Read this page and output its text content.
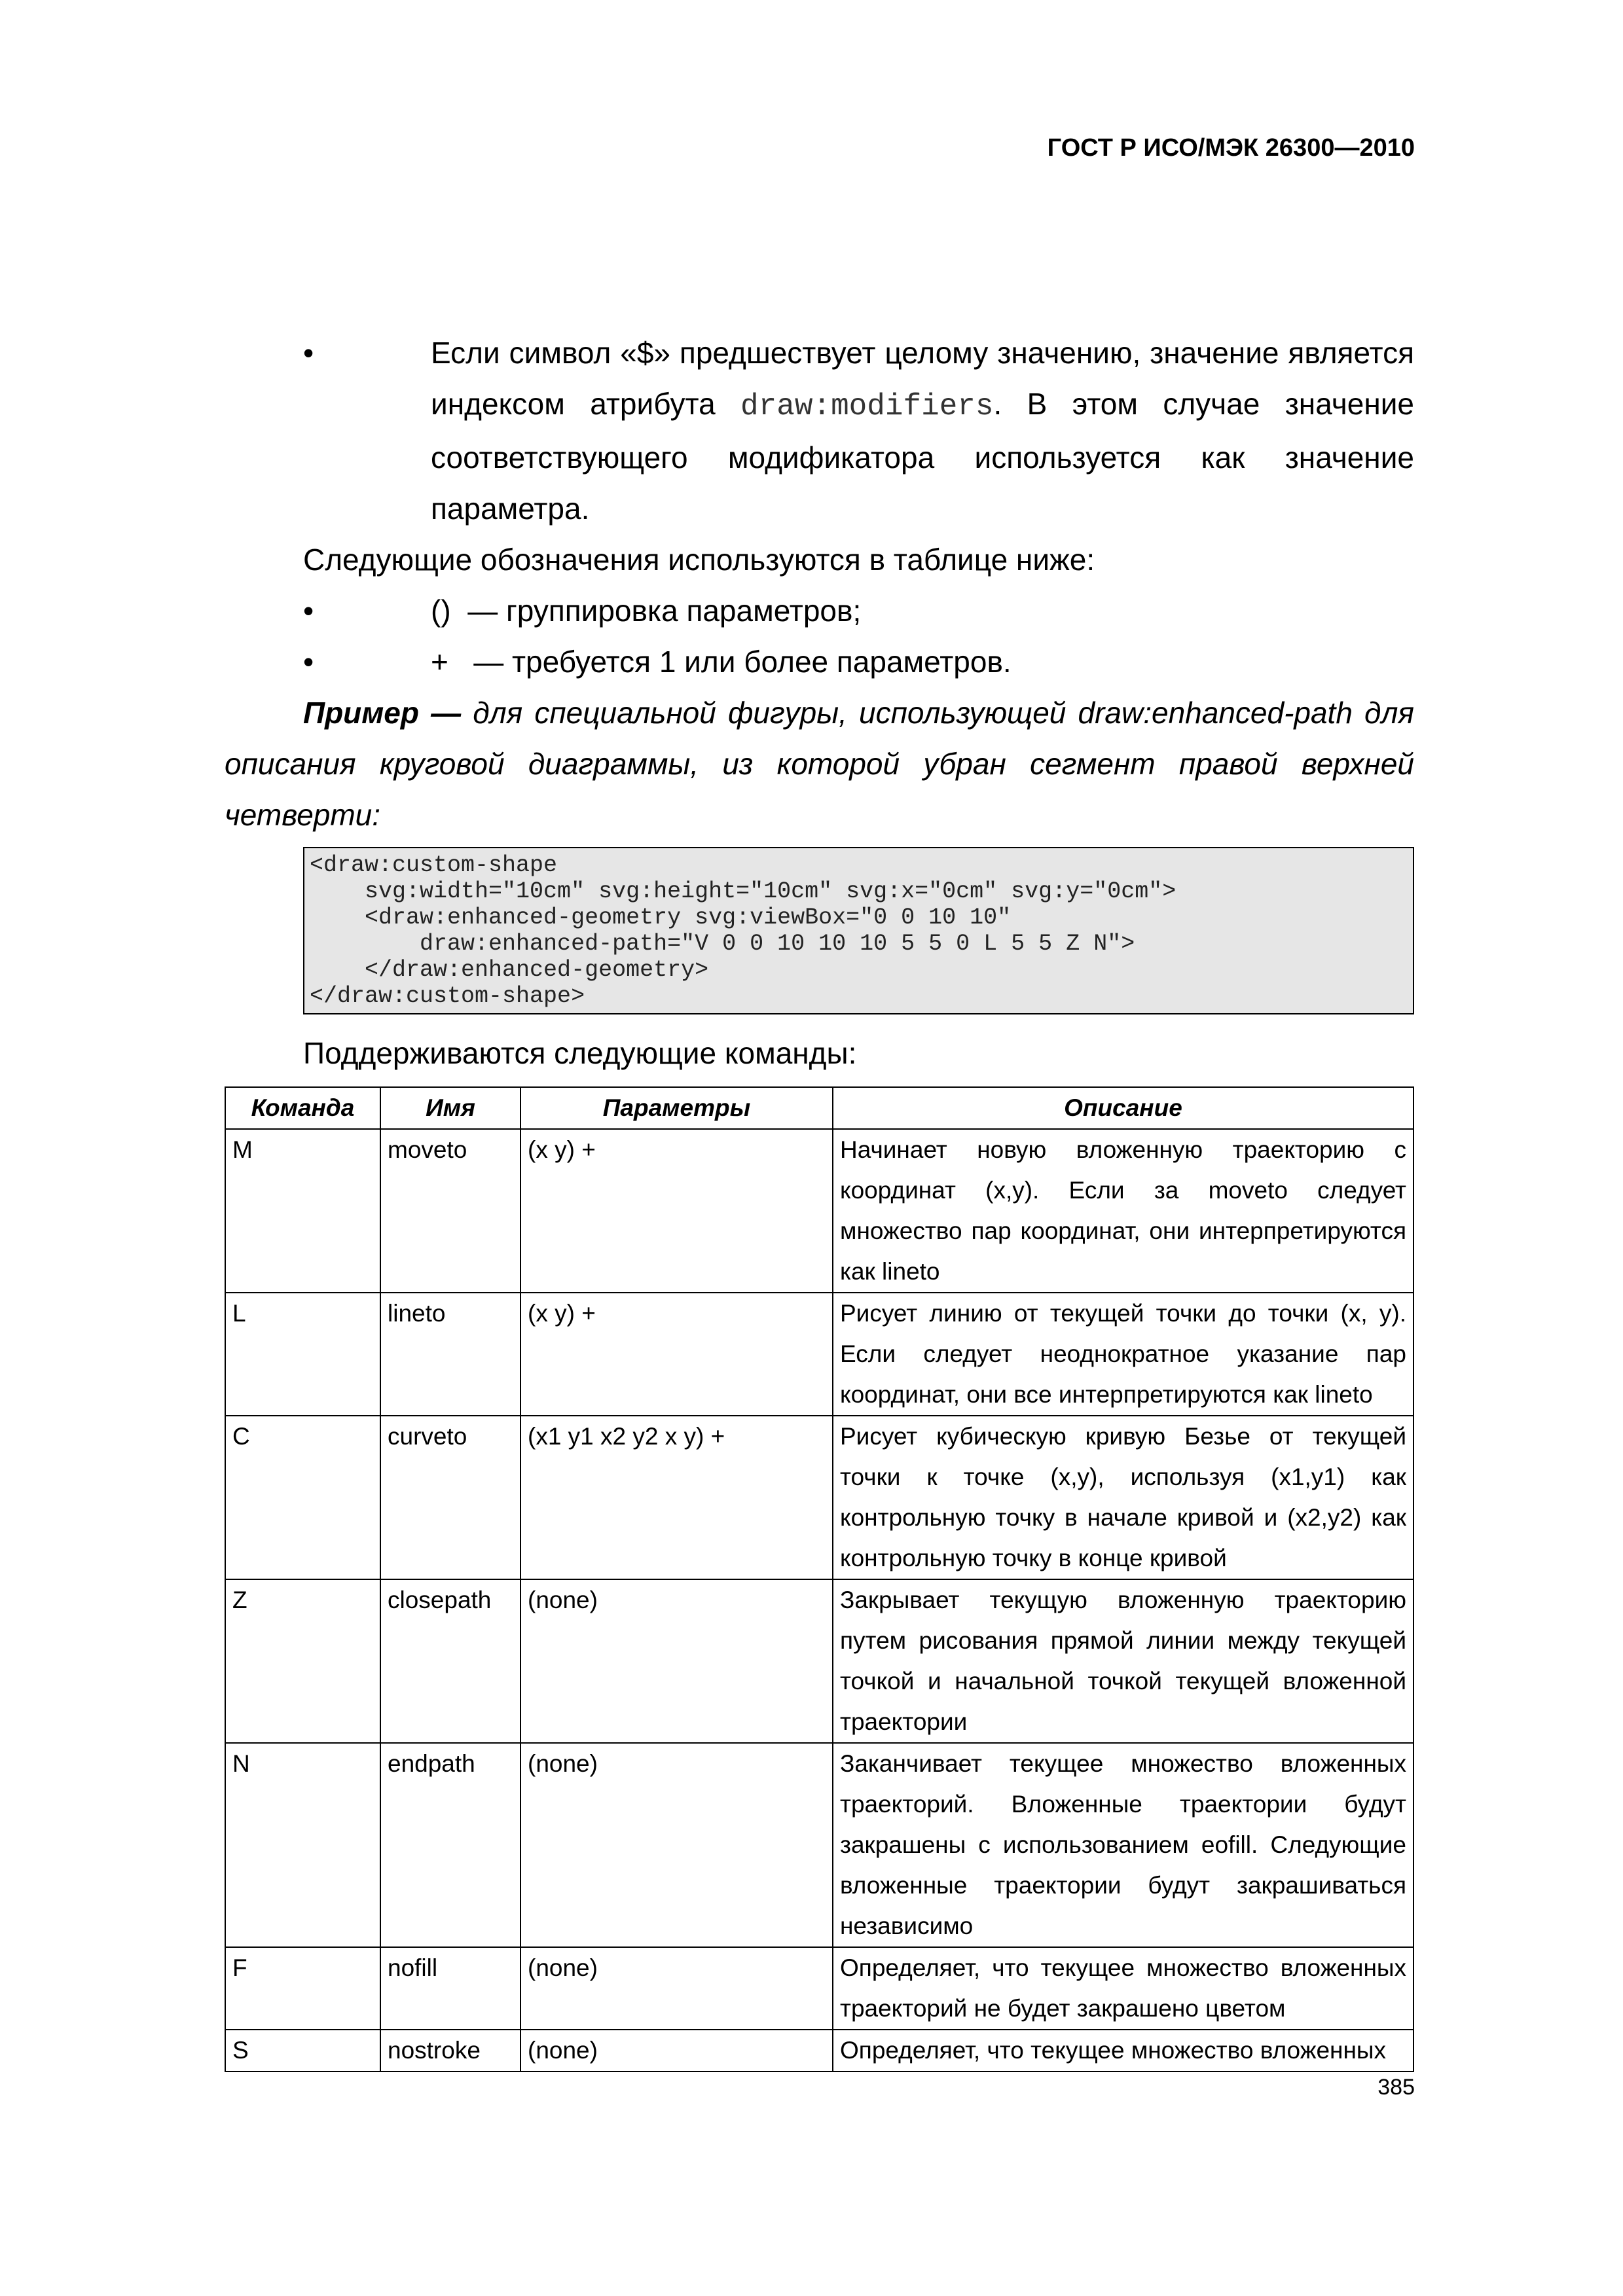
ГОСТ Р ИСО/МЭК 26300—2010
•	Если символ «$» предшествует целому значению, значение является индексом атрибута draw:modifiers. В этом случае значение соответствующего модификатора используется как значение параметра.
Следующие обозначения используются в таблице ниже:
•	()  — группировка параметров;
•	+   — требуется 1 или более параметров.
Пример — для специальной фигуры, использующей draw:enhanced-path для описания круговой диаграммы, из которой убран сегмент правой верхней четверти:
<draw:custom-shape
svg:width="10cm" svg:height="10cm" svg:x="0cm" svg:y="0cm">
<draw:enhanced-geometry svg:viewBox="0 0 10 10"
draw:enhanced-path="V 0 0 10 10 10 5 5 0 L 5 5 Z N">
</draw:enhanced-geometry>
</draw:custom-shape>
Поддерживаются следующие команды:
Команда	Имя	Параметры	Описание
M	moveto	(x y) +	Начинает новую вложенную траекторию с координат (x,y). Если за moveto следует множество пар координат, они интерпретируются как lineto
L	lineto	(x y) +	Рисует линию от текущей точки до точки (x, y). Если следует неоднократное указание пар координат, они все интерпретируются как lineto
C	curveto	(x1 y1 x2 y2 x y) +	Рисует кубическую кривую Безье от текущей точки к точке (x,y), используя (x1,y1) как контрольную точку в начале кривой и (x2,y2) как контрольную точку в конце кривой
Z	closepath	(none)	Закрывает текущую вложенную траекторию путем рисования прямой линии между текущей точкой и начальной точкой текущей вложенной траектории
N	endpath	(none)	Заканчивает текущее множество вложенных траекторий. Вложенные траектории будут закрашены с использованием eofill. Следующие вложенные траектории будут закрашиваться независимо
F	nofill	(none)	Определяет, что текущее множество вложенных траекторий не будет закрашено цветом
S	nostroke	(none)	Определяет, что текущее множество вложенных
385
